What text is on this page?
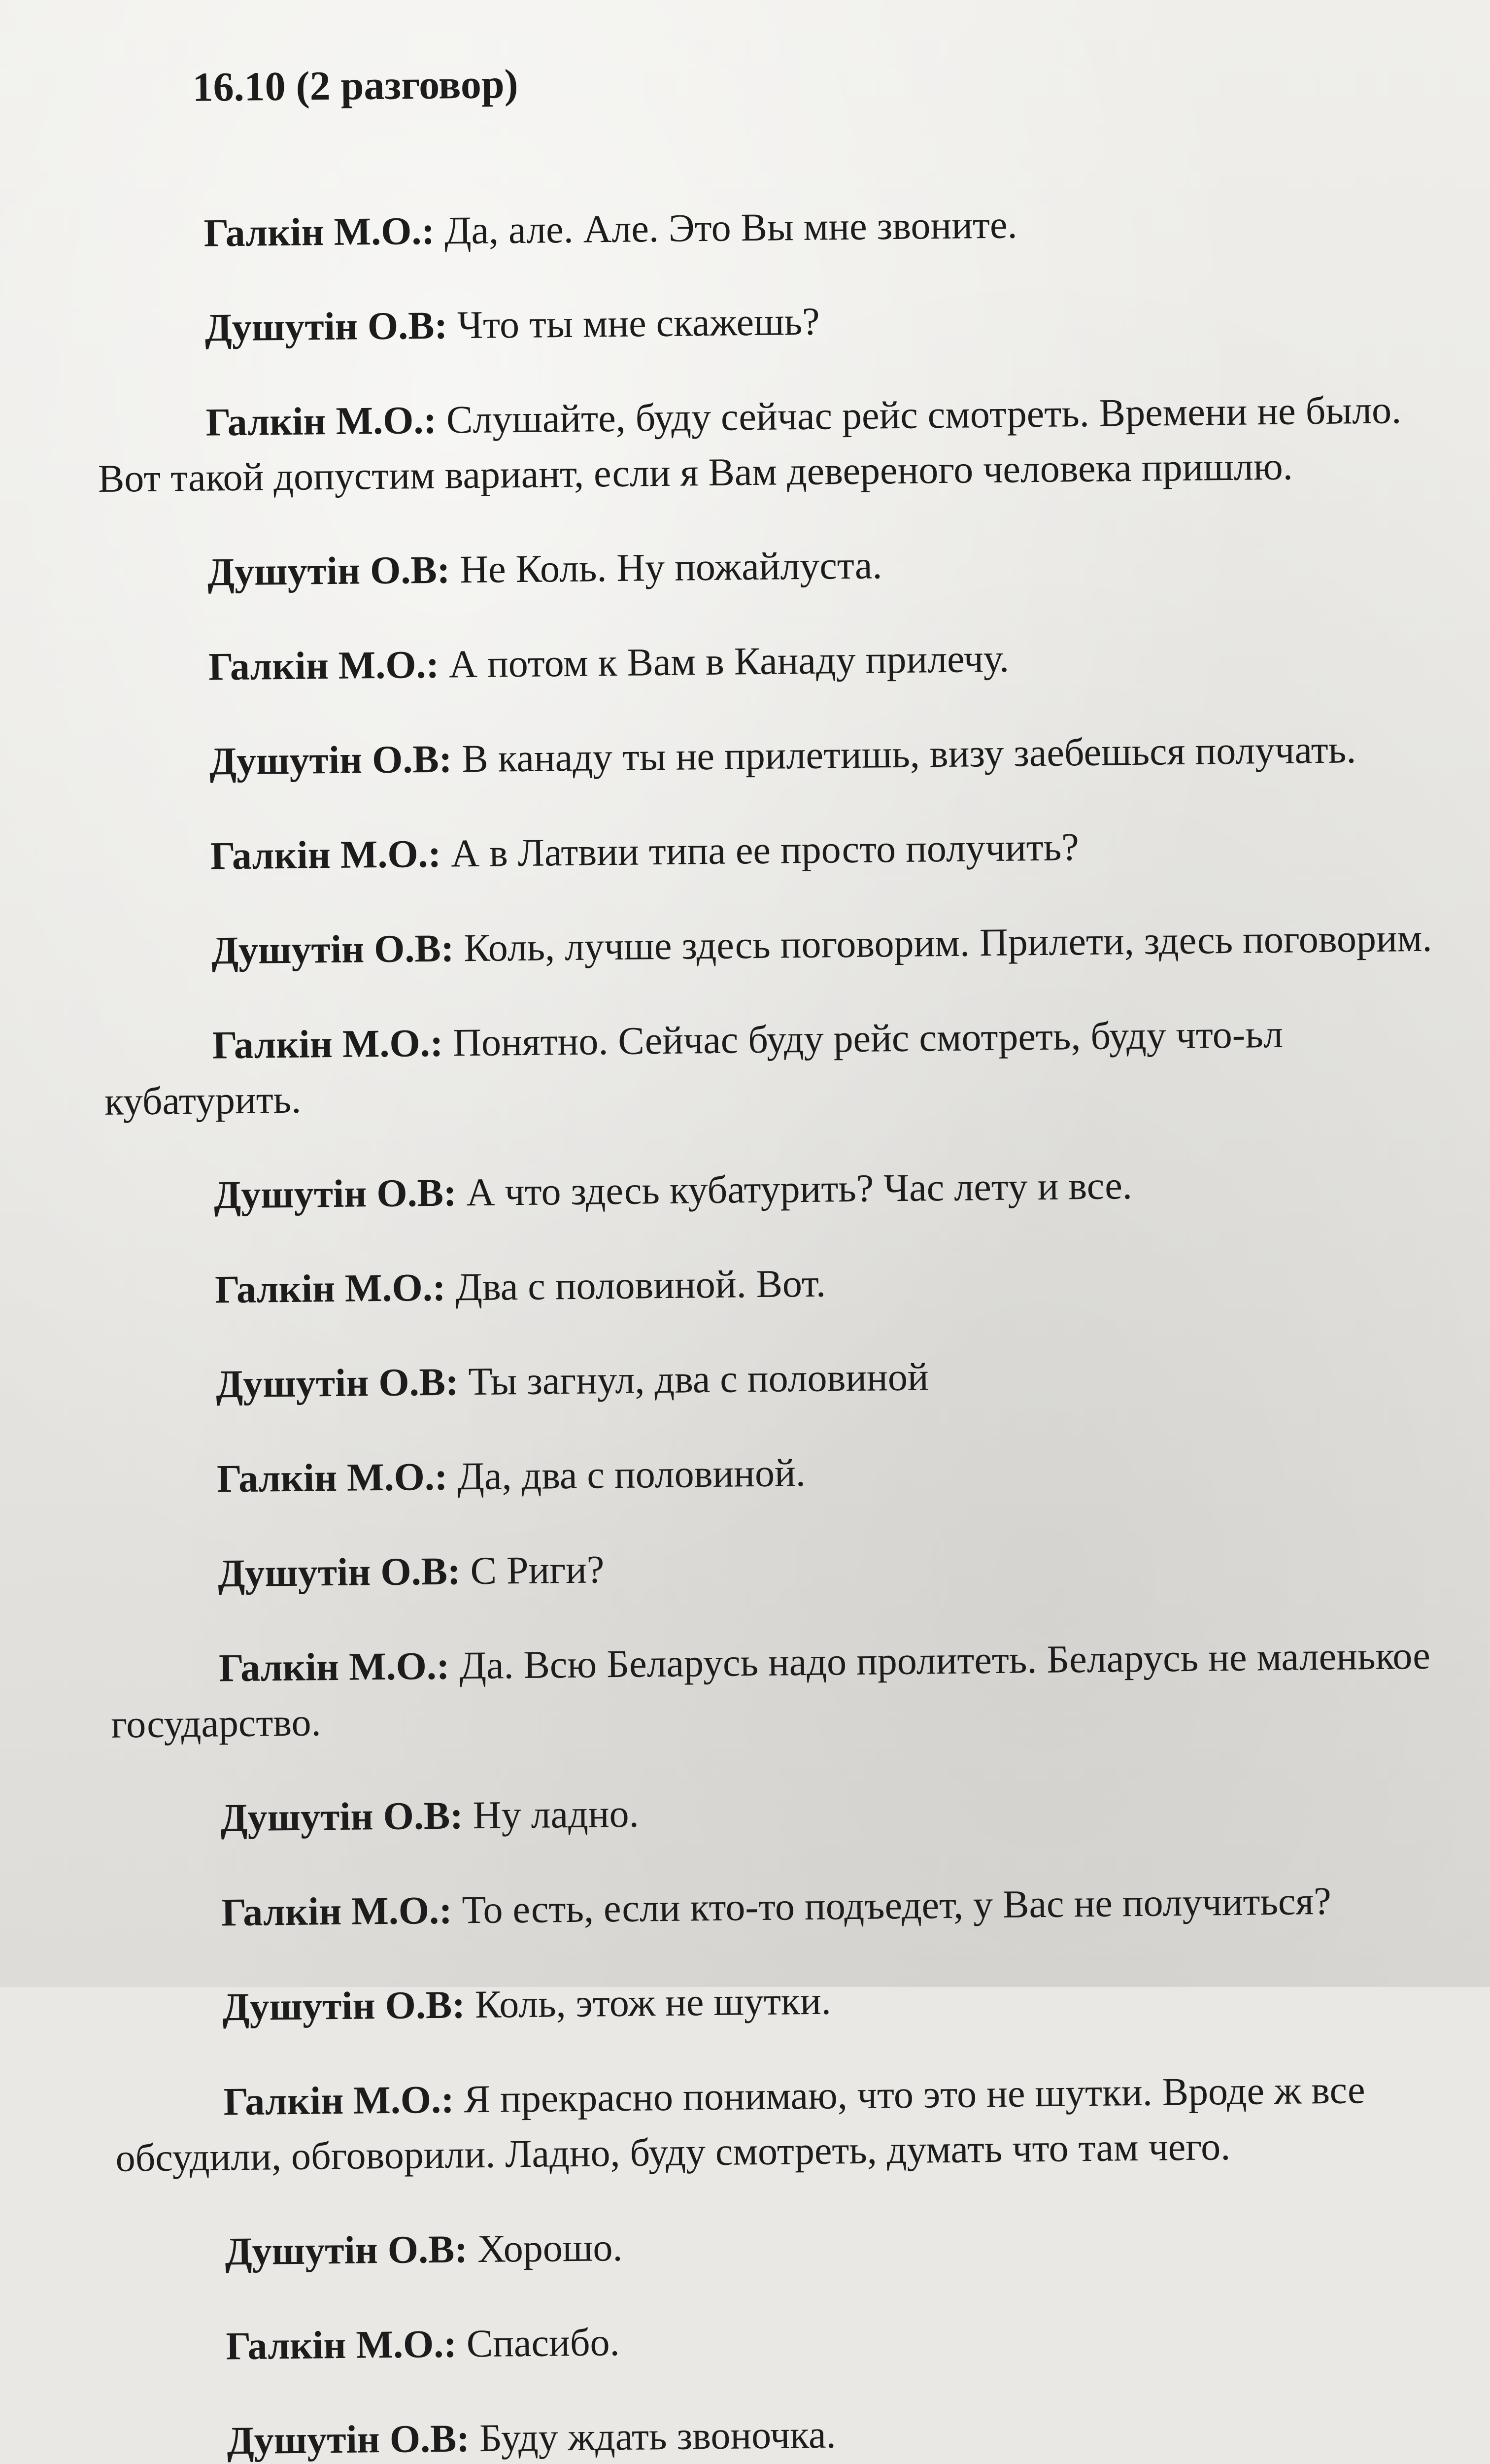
16.10 (2 разговор)

Галкін М.О.: Да, але. Але. Это Вы мне звоните.

Душутін О.В: Что ты мне скажешь?

Галкін М.О.: Слушайте, буду сейчас рейс смотреть. Времени не было. Вот такой допустим вариант, если я Вам девереного человека пришлю.

Душутін О.В: Не Коль. Ну пожайлуста.

Галкін М.О.: А потом к Вам в Канаду прилечу.

Душутін О.В: В канаду ты не прилетишь, визу заебешься получать.

Галкін М.О.: А в Латвии типа ее просто получить?

Душутін О.В: Коль, лучше здесь поговорим. Прилети, здесь поговорим.

Галкін М.О.: Понятно. Сейчас буду рейс смотреть, буду что-ьл кубатурить.

Душутін О.В: А что здесь кубатурить? Час лету и все.

Галкін М.О.: Два с половиной. Вот.

Душутін О.В: Ты загнул, два с половиной

Галкін М.О.: Да, два с половиной.

Душутін О.В: С Риги?

Галкін М.О.: Да. Всю Беларусь надо пролитеть. Беларусь не маленькое государство.

Душутін О.В: Ну ладно.

Галкін М.О.: То есть, если кто-то подъедет, у Вас не получиться?

Душутін О.В: Коль, этож не шутки.

Галкін М.О.: Я прекрасно понимаю, что это не шутки. Вроде ж все обсудили, обговорили. Ладно, буду смотреть, думать что там чего.

Душутін О.В: Хорошо.

Галкін М.О.: Спасибо.

Душутін О.В: Буду ждать звоночка.
